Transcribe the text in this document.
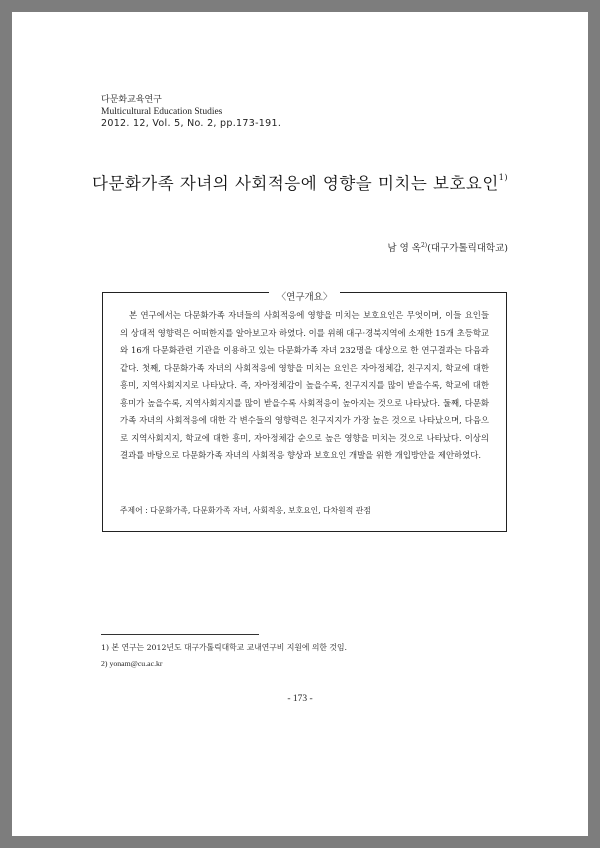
다문화교육연구
Multicultural Education Studies
2012. 12, Vol. 5, No. 2, pp.173-191.
다문화가족 자녀의 사회적응에 영향을 미치는 보호요인$^{1)}$
남 영 옥$^{2)}$(대구가톨릭대학교)
〈연구개요〉
본 연구에서는 다문화가족 자녀들의 사회적응에 영향을 미치는 보호요인은 무엇이며, 이들 요인들의 상대적 영향력은 어떠한지를 알아보고자 하였다. 이를 위해 대구·경북지역에 소재한 15개 초등학교와 16개 다문화관련 기관을 이용하고 있는 다문화가족 자녀 232명을 대상으로 한 연구결과는 다음과 같다. 첫째, 다문화가족 자녀의 사회적응에 영향을 미치는 요인은 자아정체감, 친구지지, 학교에 대한 흥미, 지역사회지지로 나타났다. 즉, 자아정체감이 높을수록, 친구지지를 많이 받을수록, 학교에 대한 흥미가 높을수록, 지역사회지지를 많이 받을수록 사회적응이 높아지는 것으로 나타났다. 둘째, 다문화가족 자녀의 사회적응에 대한 각 변수들의 영향력은 친구지지가 가장 높은 것으로 나타났으며, 다음으로 지역사회지지, 학교에 대한 흥미, 자아정체감 순으로 높은 영향을 미치는 것으로 나타났다. 이상의 결과를 바탕으로 다문화가족 자녀의 사회적응 향상과 보호요인 개발을 위한 개입방안을 제안하였다.
주제어 : 다문화가족, 다문화가족 자녀, 사회적응, 보호요인, 다차원적 관점
1) 본 연구는 2012년도 대구가톨릭대학교 교내연구비 지원에 의한 것임.
2) yonam@cu.ac.kr
- 173 -
